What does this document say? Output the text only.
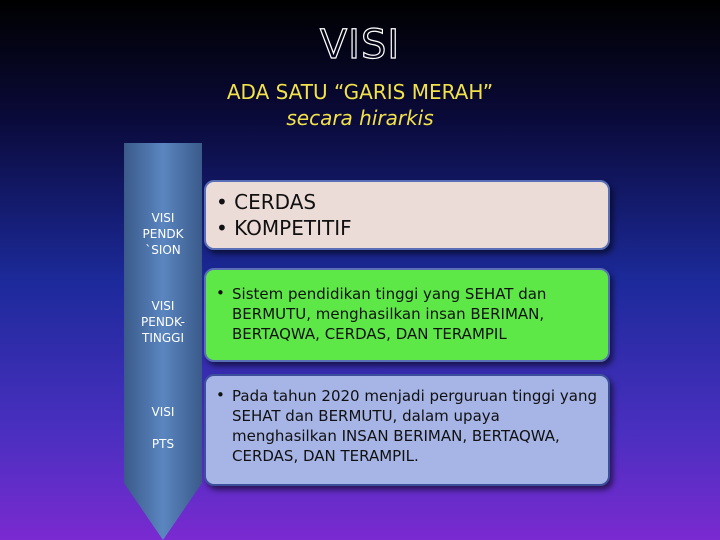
VISI
ADA SATU “GARIS MERAH”
secara hirarkis
VISI
PENDK
`SION
VISI
PENDK-
TINGGI
VISI

PTS
• CERDAS
• KOMPETITIF
• Sistem pendidikan tinggi yang SEHAT dan BERMUTU, menghasilkan insan BERIMAN, BERTAQWA, CERDAS, DAN TERAMPIL
• Pada tahun 2020 menjadi perguruan tinggi yang SEHAT dan BERMUTU, dalam upaya menghasilkan INSAN BERIMAN, BERTAQWA, CERDAS, DAN TERAMPIL.
